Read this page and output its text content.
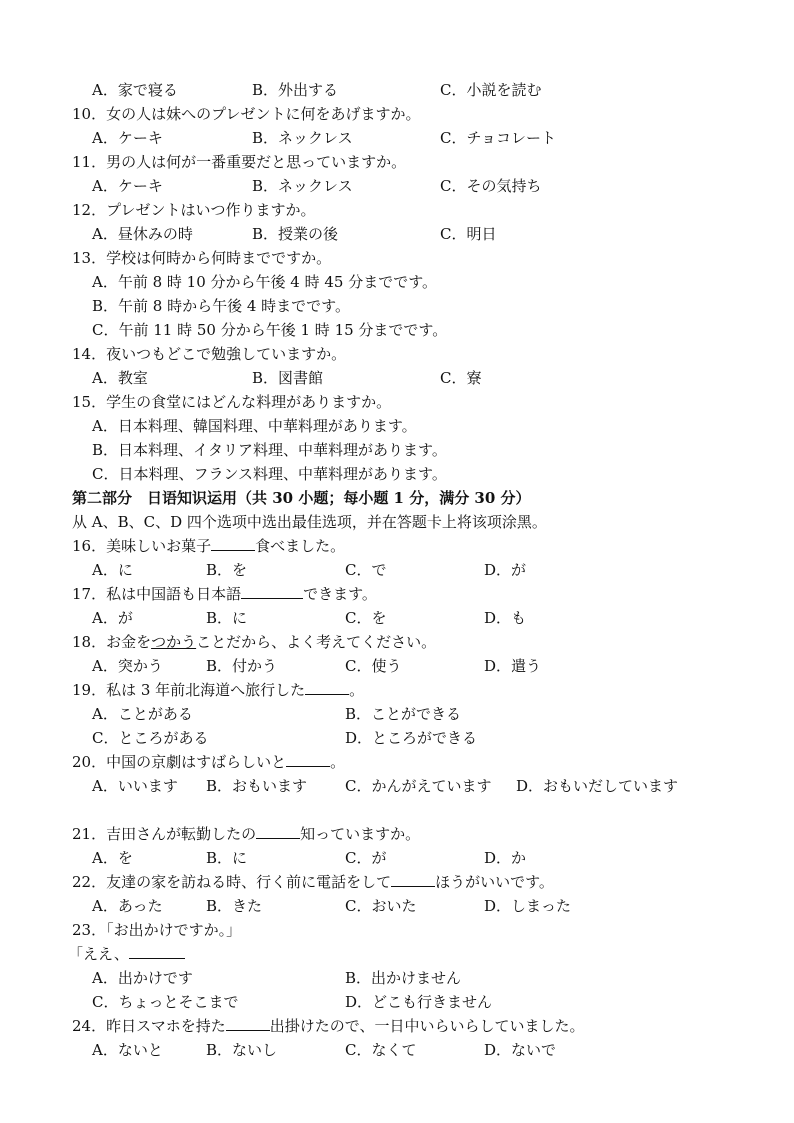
A．家で寝る	B．外出する	C．小説を読む
10．女の人は妹へのプレゼントに何をあげますか。
A．ケーキ	B．ネックレス	C．チョコレート
11．男の人は何が一番重要だと思っていますか。
A．ケーキ	B．ネックレス	C．その気持ち
12．プレゼントはいつ作りますか。
A．昼休みの時	B．授業の後	C．明日
13．学校は何時から何時までですか。
A．午前 8 時 10 分から午後 4 時 45 分までです。
B．午前 8 時から午後 4 時までです。
C．午前 11 時 50 分から午後 1 時 15 分までです。
14．夜いつもどこで勉強していますか。
A．教室	B．図書館	C．寮
15．学生の食堂にはどんな料理がありますか。
A．日本料理、韓国料理、中華料理があります。
B．日本料理、イタリア料理、中華料理があります。
C．日本料理、フランス料理、中華料理があります。
第二部分　日语知识运用（共 30 小题；每小题 1 分，满分 30 分）
从 A、B、C、D 四个选项中选出最佳选项，并在答题卡上将该项涂黑。
16．美味しいお菓子	食べました。
A．に	B．を	C．で	D．が
17．私は中国語も日本語	できます。
A．が	B．に	C．を	D．も
18．お金をつかうことだから、よく考えてください。
A．突かう	B．付かう	C．使う	D．遣う
19．私は 3 年前北海道へ旅行した	。
A．ことがある	B．ことができる
C．ところがある	D．ところができる
20．中国の京劇はすばらしいと	。
A．いいます B．おもいます	C．かんがえています D．おもいだしています
21．吉田さんが転勤したの	知っていますか。
A．を	B．に	C．が	D．か
22．友達の家を訪ねる時、行く前に電話をして	ほうがいいです。
A．あった	B．きた	C．おいた	D．しまった
23．「お出かけですか。」
「ええ、
A．出かけです	B．出かけません
C．ちょっとそこまで	D．どこも行きません
24．昨日スマホを持た	出掛けたので、一日中いらいらしていました。
A．ないと	B．ないし	C．なくて	D．ないで
